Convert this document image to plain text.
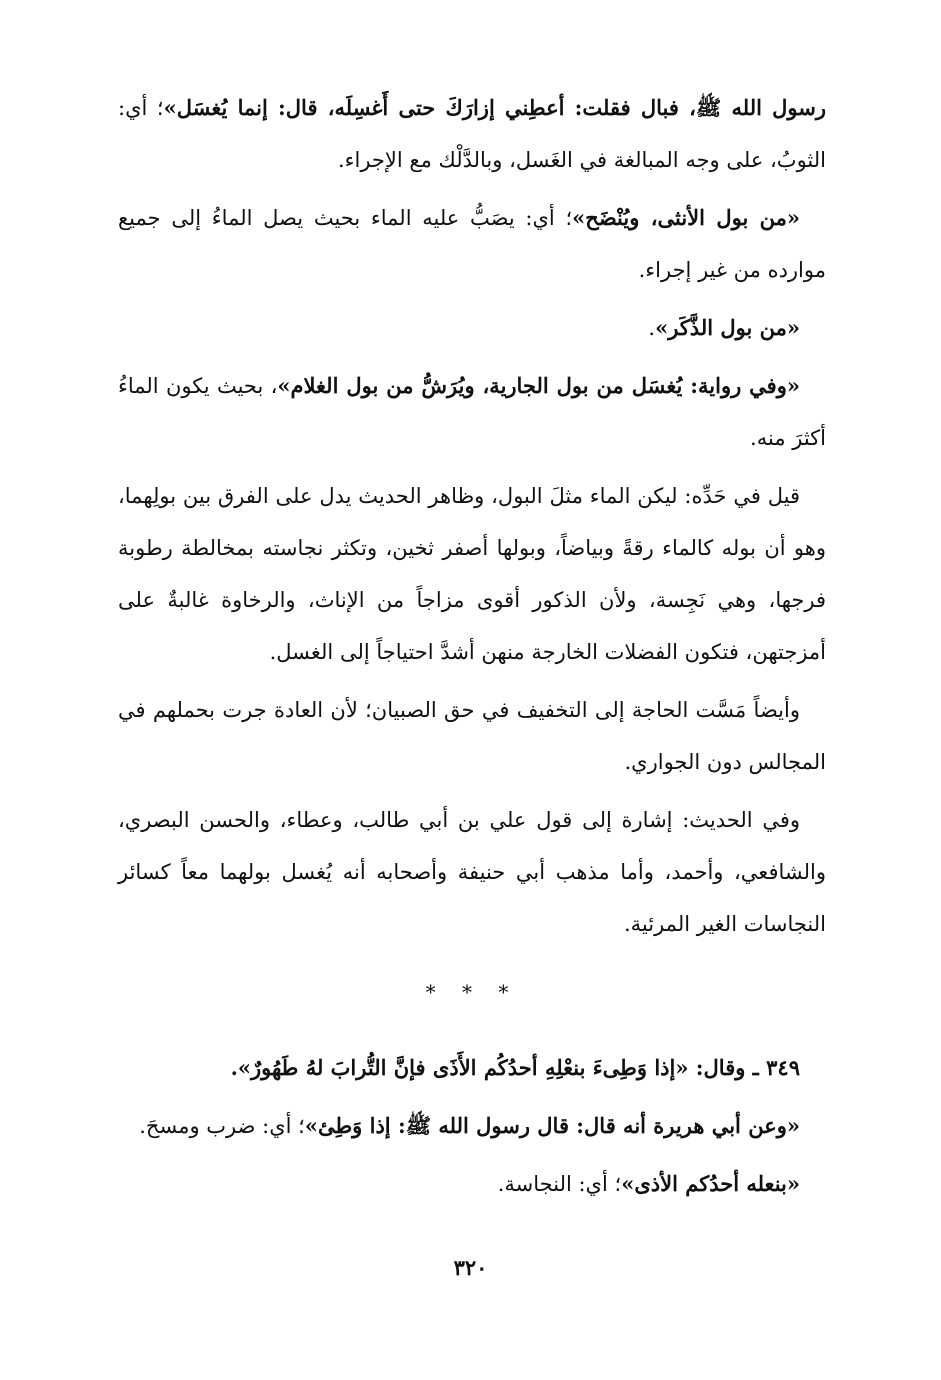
رسول الله ﷺ، فبال فقلت: أعطِني إزارَكَ حتى أَغسِلَه، قال: إنما يُغسَل»؛ أي: الثوبُ، على وجه المبالغة في الغَسل، وبالدَّلْك مع الإجراء.

«من بول الأنثى، ويُنْضَح»؛ أي: يصَبُّ عليه الماء بحيث يصل الماءُ إلى جميع موارده من غير إجراء.

«من بول الذَّكَر».

«وفي رواية: يُغسَل من بول الجارية، ويُرَشُّ من بول الغلام»، بحيث يكون الماءُ أكثرَ منه.

قيل في حَدِّه: ليكن الماء مثلَ البول، وظاهر الحديث يدل على الفرق بين بولِهما، وهو أن بوله كالماء رقةً وبياضاً، وبولها أصفر ثخين، وتكثر نجاسته بمخالطة رطوبة فرجها، وهي نَجِسة، ولأن الذكور أقوى مزاجاً من الإناث، والرخاوة غالبةٌ على أمزجتهن، فتكون الفضلات الخارجة منهن أشدَّ احتياجاً إلى الغسل.

وأيضاً مَسَّت الحاجة إلى التخفيف في حق الصبيان؛ لأن العادة جرت بحملهم في المجالس دون الجواري.

وفي الحديث: إشارة إلى قول علي بن أبي طالب، وعطاء، والحسن البصري، والشافعي، وأحمد، وأما مذهب أبي حنيفة وأصحابه أنه يُغسل بولهما معاً كسائر النجاسات الغير المرئية.

* * *

٣٤٩ ـ وقال: «إذا وَطِىءَ بنعْلِهِ أحدُكُم الأَذَى فإنَّ التُّرابَ لهُ طَهُورٌ».

«وعن أبي هريرة أنه قال: قال رسول الله ﷺ: إذا وَطِئ»؛ أي: ضرب ومسحَ.

«بنعله أحدُكم الأذى»؛ أي: النجاسة.

٣٢٠
